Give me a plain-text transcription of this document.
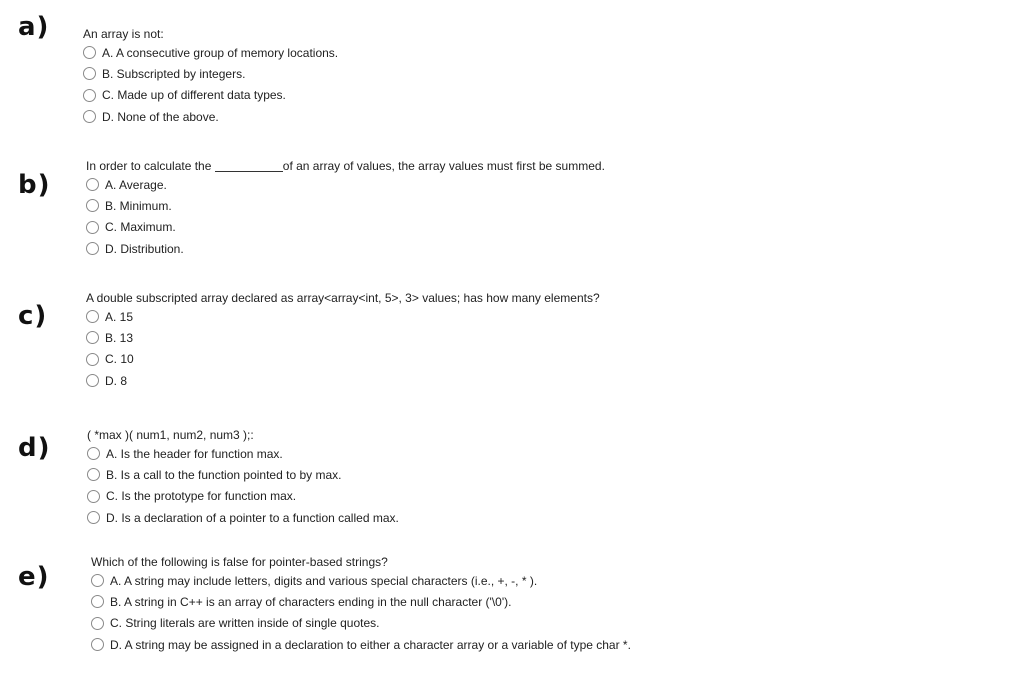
a)	An array is not:
A. A consecutive group of memory locations.
B. Subscripted by integers.
C. Made up of different data types.
D. None of the above.
b)
In order to calculate the	of an array of values, the array values must first be summed.
A. Average.
B. Minimum.
C. Maximum.
D. Distribution.
c)
A double subscripted array declared as array<array<int, 5>, 3> values; has how many elements?
A. 15
B. 13
C. 10
D. 8
d)	( *max )( num1, num2, num3 );:
A. Is the header for function max.
B. Is a call to the function pointed to by max.
C. Is the prototype for function max.
D. Is a declaration of a pointer to a function called max.
e)	Which of the following is false for pointer-based strings?
A. A string may include letters, digits and various special characters (i.e., +, -, * ).
B. A string in C++ is an array of characters ending in the null character ('\0').
C. String literals are written inside of single quotes.
D. A string may be assigned in a declaration to either a character array or a variable of type char *.
